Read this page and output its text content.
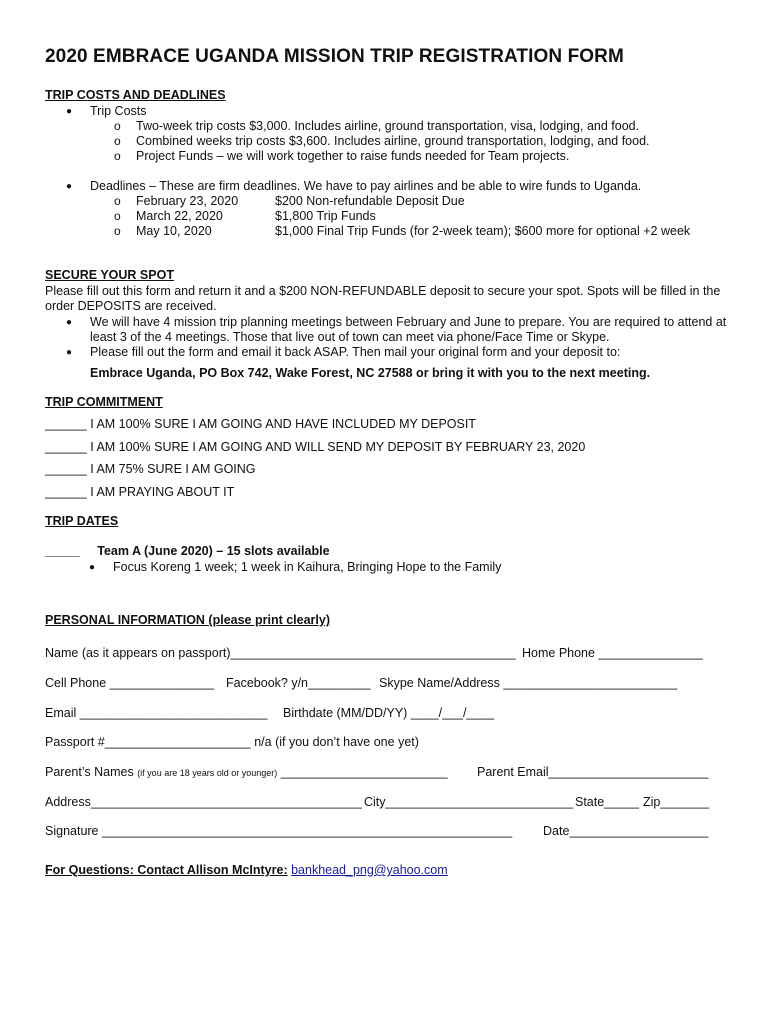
2020 EMBRACE UGANDA MISSION TRIP REGISTRATION FORM
TRIP COSTS AND DEADLINES
● Trip Costs
o Two-week trip costs $3,000. Includes airline, ground transportation, visa, lodging, and food.
o Combined weeks trip costs $3,600. Includes airline, ground transportation, lodging, and food.
o Project Funds – we will work together to raise funds needed for Team projects.
● Deadlines – These are firm deadlines. We have to pay airlines and be able to wire funds to Uganda.
o February 23, 2020	$200 Non-refundable Deposit Due
o March 22, 2020	$1,800 Trip Funds
o May 10, 2020	$1,000 Final Trip Funds (for 2-week team); $600 more for optional +2 week
SECURE YOUR SPOT
Please fill out this form and return it and a $200 NON-REFUNDABLE deposit to secure your spot. Spots will be filled in the order DEPOSITS are received.
● We will have 4 mission trip planning meetings between February and June to prepare. You are required to attend at least 3 of the 4 meetings. Those that live out of town can meet via phone/Face Time or Skype.
● Please fill out the form and email it back ASAP. Then mail your original form and your deposit to:
Embrace Uganda, PO Box 742, Wake Forest, NC 27588 or bring it with you to the next meeting.
TRIP COMMITMENT
______ I AM 100% SURE I AM GOING AND HAVE INCLUDED MY DEPOSIT
______ I AM 100% SURE I AM GOING AND WILL SEND MY DEPOSIT BY FEBRUARY 23, 2020
______ I AM 75% SURE I AM GOING
______ I AM PRAYING ABOUT IT
TRIP DATES
_____ Team A (June 2020) – 15 slots available
● Focus Koreng 1 week; 1 week in Kaihura, Bringing Hope to the Family
PERSONAL INFORMATION (please print clearly)
Name (as it appears on passport)_________________________________________ Home Phone _______________
Cell Phone _______________ Facebook? y/n_________ Skype Name/Address _________________________
Email ___________________________ Birthdate (MM/DD/YY) ____/___/____
Passport #_____________________ n/a (if you don’t have one yet)
Parent’s Names (if you are 18 years old or younger) ________________________ Parent Email_______________________
Address_______________________________________ City___________________________ State_____ Zip_______
Signature ___________________________________________________________ Date____________________
For Questions: Contact Allison McIntyre: bankhead_png@yahoo.com
